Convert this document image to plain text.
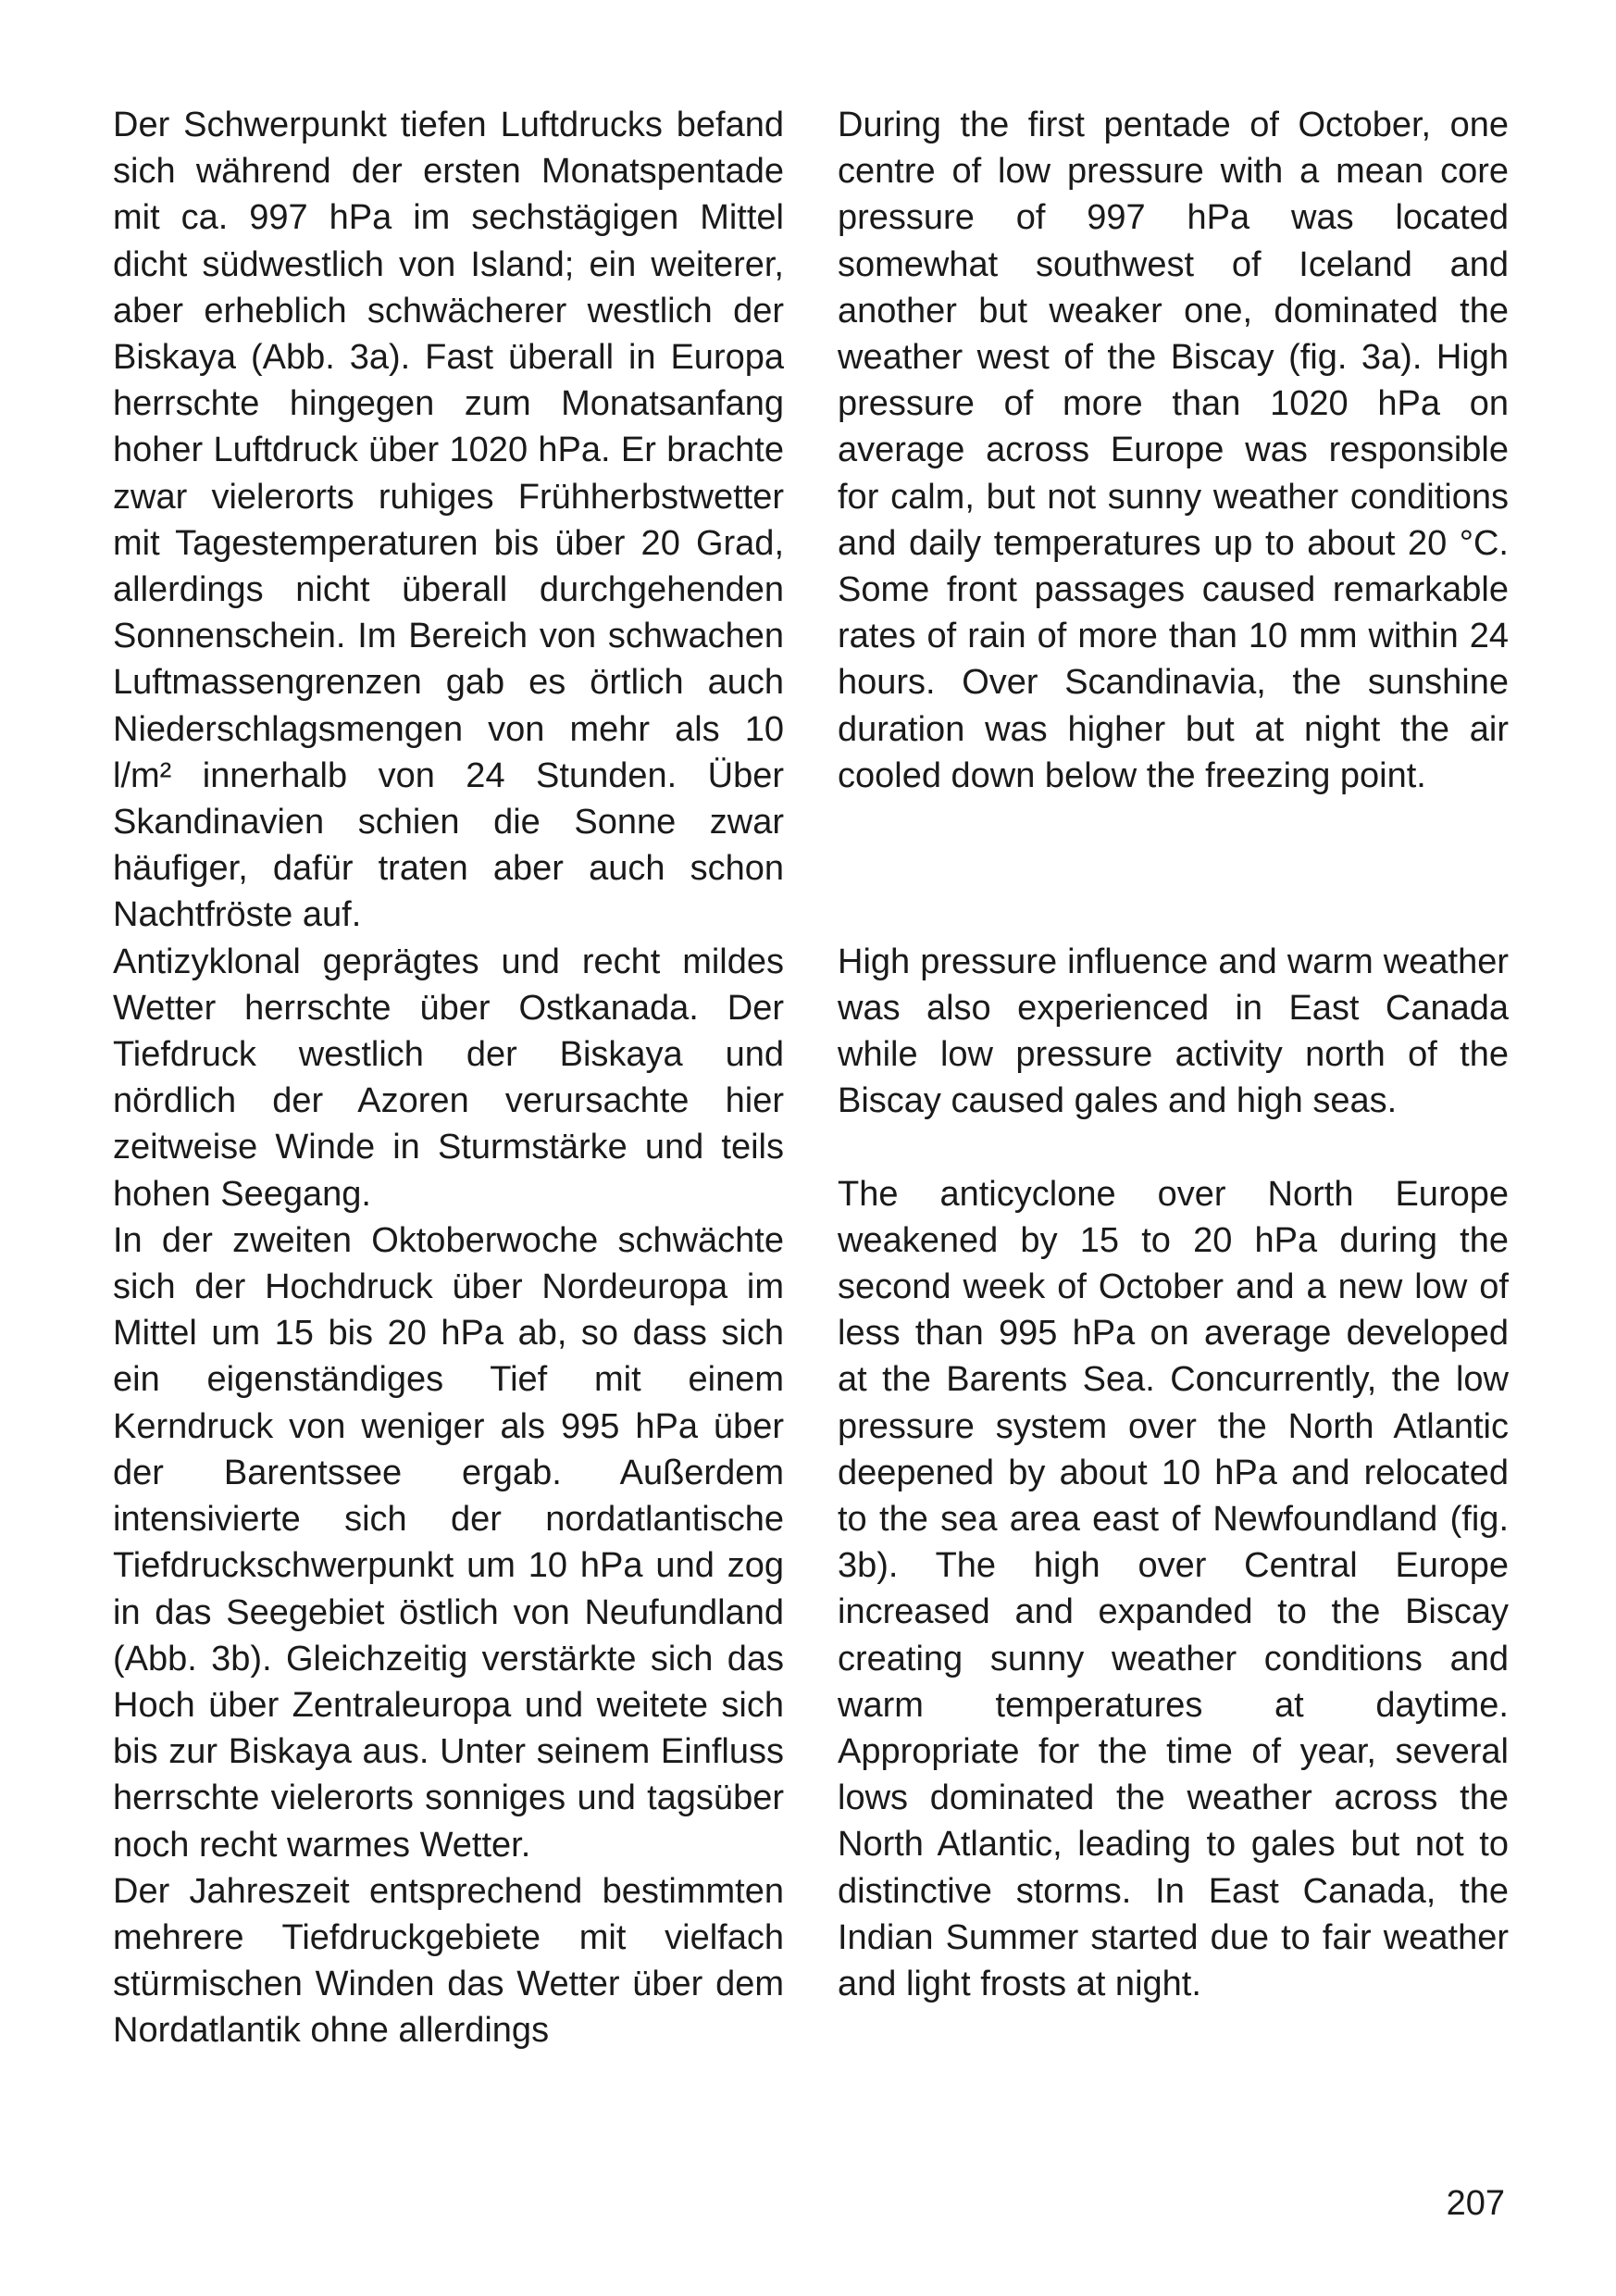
Der Schwerpunkt tiefen Luftdrucks befand sich während der ersten Monatspentade mit ca. 997 hPa im sechstägigen Mittel dicht südwestlich von Island; ein weiterer, aber erheblich schwächerer westlich der Biskaya (Abb. 3a). Fast überall in Europa herrschte hingegen zum Monatsanfang hoher Luftdruck über 1020 hPa. Er brachte zwar vielerorts ruhiges Frühherbstwetter mit Tagestemperaturen bis über 20 Grad, allerdings nicht überall durchgehenden Sonnenschein. Im Bereich von schwachen Luftmassengrenzen gab es örtlich auch Niederschlagsmengen von mehr als 10 l/m² innerhalb von 24 Stunden. Über Skandinavien schien die Sonne zwar häufiger, dafür traten aber auch schon Nachtfröste auf.

Antizyklonal geprägtes und recht mildes Wetter herrschte über Ostkanada. Der Tiefdruck westlich der Biskaya und nördlich der Azoren verursachte hier zeitweise Winde in Sturmstärke und teils hohen Seegang.

In der zweiten Oktoberwoche schwächte sich der Hochdruck über Nordeuropa im Mittel um 15 bis 20 hPa ab, so dass sich ein eigenständiges Tief mit einem Kerndruck von weniger als 995 hPa über der Barentssee ergab. Außerdem intensivierte sich der nordatlantische Tiefdruckschwerpunkt um 10 hPa und zog in das Seegebiet östlich von Neufundland (Abb. 3b). Gleichzeitig verstärkte sich das Hoch über Zentraleuropa und weitete sich bis zur Biskaya aus. Unter seinem Einfluss herrschte vielerorts sonniges und tagsüber noch recht warmes Wetter.

Der Jahreszeit entsprechend bestimmten mehrere Tiefdruckgebiete mit vielfach stürmischen Winden das Wetter über dem Nordatlantik ohne allerdings

During the first pentade of October, one centre of low pressure with a mean core pressure of 997 hPa was located somewhat southwest of Iceland and another but weaker one, dominated the weather west of the Biscay (fig. 3a). High pressure of more than 1020 hPa on average across Europe was responsible for calm, but not sunny weather conditions and daily temperatures up to about 20 °C. Some front passages caused remarkable rates of rain of more than 10 mm within 24 hours. Over Scandinavia, the sunshine duration was higher but at night the air cooled down below the freezing point.

High pressure influence and warm weather was also experienced in East Canada while low pressure activity north of the Biscay caused gales and high seas.

The anticyclone over North Europe weakened by 15 to 20 hPa during the second week of October and a new low of less than 995 hPa on average developed at the Barents Sea. Concurrently, the low pressure system over the North Atlantic deepened by about 10 hPa and relocated to the sea area east of Newfoundland (fig. 3b). The high over Central Europe increased and expanded to the Biscay creating sunny weather conditions and warm temperatures at daytime. Appropriate for the time of year, several lows dominated the weather across the North Atlantic, leading to gales but not to distinctive storms. In East Canada, the Indian Summer started due to fair weather and light frosts at night.

207
